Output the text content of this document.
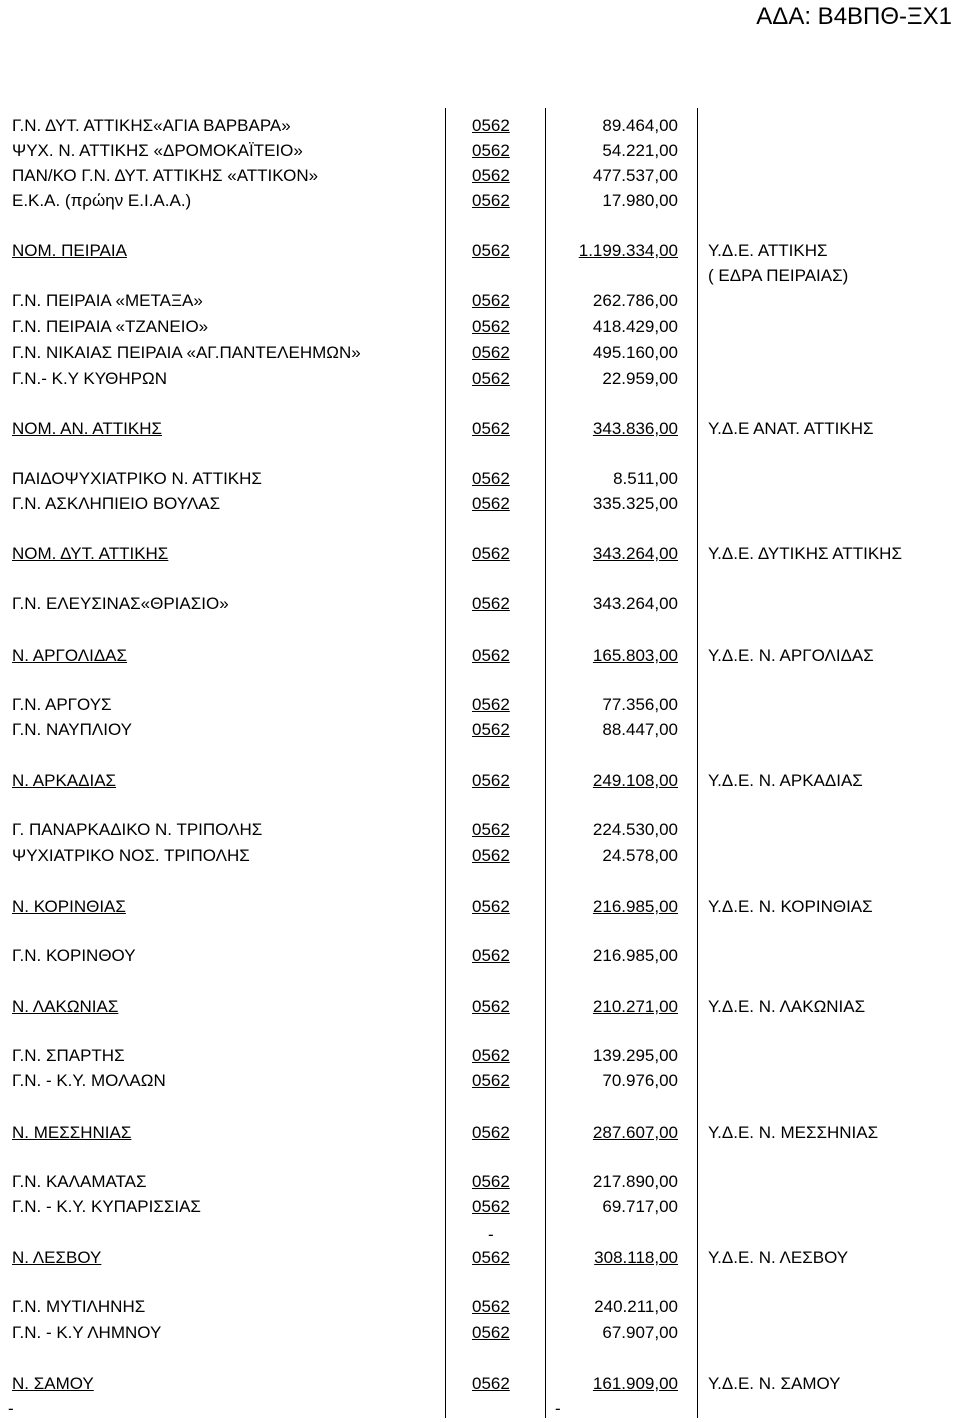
ΑΔΑ: Β4ΒΠΘ-ΞΧ1
Γ.Ν. ΔΥΤ. ΑΤΤΙΚΗΣ«ΑΓΙΑ ΒΑΡΒΑΡΑ»	0562	89.464,00
ΨΥΧ. Ν. ΑΤΤΙΚΗΣ «ΔΡΟΜΟΚΑΪΤΕΙΟ»	0562	54.221,00
ΠΑΝ/ΚΟ Γ.Ν. ΔΥΤ. ΑΤΤΙΚΗΣ «ΑΤΤΙΚΟΝ»	0562	477.537,00
Ε.Κ.Α. (πρώην Ε.Ι.Α.Α.)	0562	17.980,00
ΝΟΜ. ΠΕΙΡΑΙΑ	0562	1.199.334,00	Υ.Δ.Ε. ΑΤΤΙΚΗΣ
( ΕΔΡΑ ΠΕΙΡΑΙΑΣ)
Γ.Ν. ΠΕΙΡΑΙΑ «ΜΕΤΑΞΑ»	0562	262.786,00
Γ.Ν. ΠΕΙΡΑΙΑ «ΤΖΑΝΕΙΟ»	0562	418.429,00
Γ.Ν. ΝΙΚΑΙΑΣ ΠΕΙΡΑΙΑ «ΑΓ.ΠΑΝΤΕΛΕΗΜΩΝ»	0562	495.160,00
Γ.Ν.- Κ.Υ ΚΥΘΗΡΩΝ	0562	22.959,00
ΝΟΜ. ΑΝ. ΑΤΤΙΚΗΣ	0562	343.836,00	Υ.Δ.Ε ΑΝΑΤ. ΑΤΤΙΚΗΣ
ΠΑΙΔΟΨΥΧΙΑΤΡΙΚΟ Ν. ΑΤΤΙΚΗΣ	0562	8.511,00
Γ.Ν. ΑΣΚΛΗΠΙΕΙΟ ΒΟΥΛΑΣ	0562	335.325,00
ΝΟΜ. ΔΥΤ. ΑΤΤΙΚΗΣ	0562	343.264,00	Υ.Δ.Ε. ΔΥΤΙΚΗΣ ΑΤΤΙΚΗΣ
Γ.Ν. ΕΛΕΥΣΙΝΑΣ«ΘΡΙΑΣΙΟ»	0562	343.264,00
Ν. ΑΡΓΟΛΙΔΑΣ	0562	165.803,00	Υ.Δ.Ε. Ν. ΑΡΓΟΛΙΔΑΣ
Γ.Ν. ΑΡΓΟΥΣ	0562	77.356,00
Γ.Ν. ΝΑΥΠΛΙΟΥ	0562	88.447,00
Ν. ΑΡΚΑΔΙΑΣ	0562	249.108,00	Υ.Δ.Ε. Ν. ΑΡΚΑΔΙΑΣ
Γ. ΠΑΝΑΡΚΑΔΙΚΟ Ν. ΤΡΙΠΟΛΗΣ	0562	224.530,00
ΨΥΧΙΑΤΡΙΚΟ ΝΟΣ. ΤΡΙΠΟΛΗΣ	0562	24.578,00
Ν. ΚΟΡΙΝΘΙΑΣ	0562	216.985,00	Υ.Δ.Ε. Ν. ΚΟΡΙΝΘΙΑΣ
Γ.Ν. ΚΟΡΙΝΘΟΥ	0562	216.985,00
Ν. ΛΑΚΩΝΙΑΣ	0562	210.271,00	Υ.Δ.Ε. Ν. ΛΑΚΩΝΙΑΣ
Γ.Ν. ΣΠΑΡΤΗΣ	0562	139.295,00
Γ.Ν. - Κ.Υ. ΜΟΛΑΩΝ	0562	70.976,00
Ν. ΜΕΣΣΗΝΙΑΣ	0562	287.607,00	Υ.Δ.Ε. Ν. ΜΕΣΣΗΝΙΑΣ
Γ.Ν. ΚΑΛΑΜΑΤΑΣ	0562	217.890,00
Γ.Ν. - Κ.Υ. ΚΥΠΑΡΙΣΣΙΑΣ	0562	69.717,00
-
Ν. ΛΕΣΒΟΥ	0562	308.118,00	Υ.Δ.Ε. Ν. ΛΕΣΒΟΥ
Γ.Ν. ΜΥΤΙΛΗΝΗΣ	0562	240.211,00
Γ.Ν. - Κ.Υ ΛΗΜΝΟΥ	0562	67.907,00
Ν. ΣΑΜΟΥ	0562	161.909,00	Υ.Δ.Ε. Ν. ΣΑΜΟΥ
-	-
